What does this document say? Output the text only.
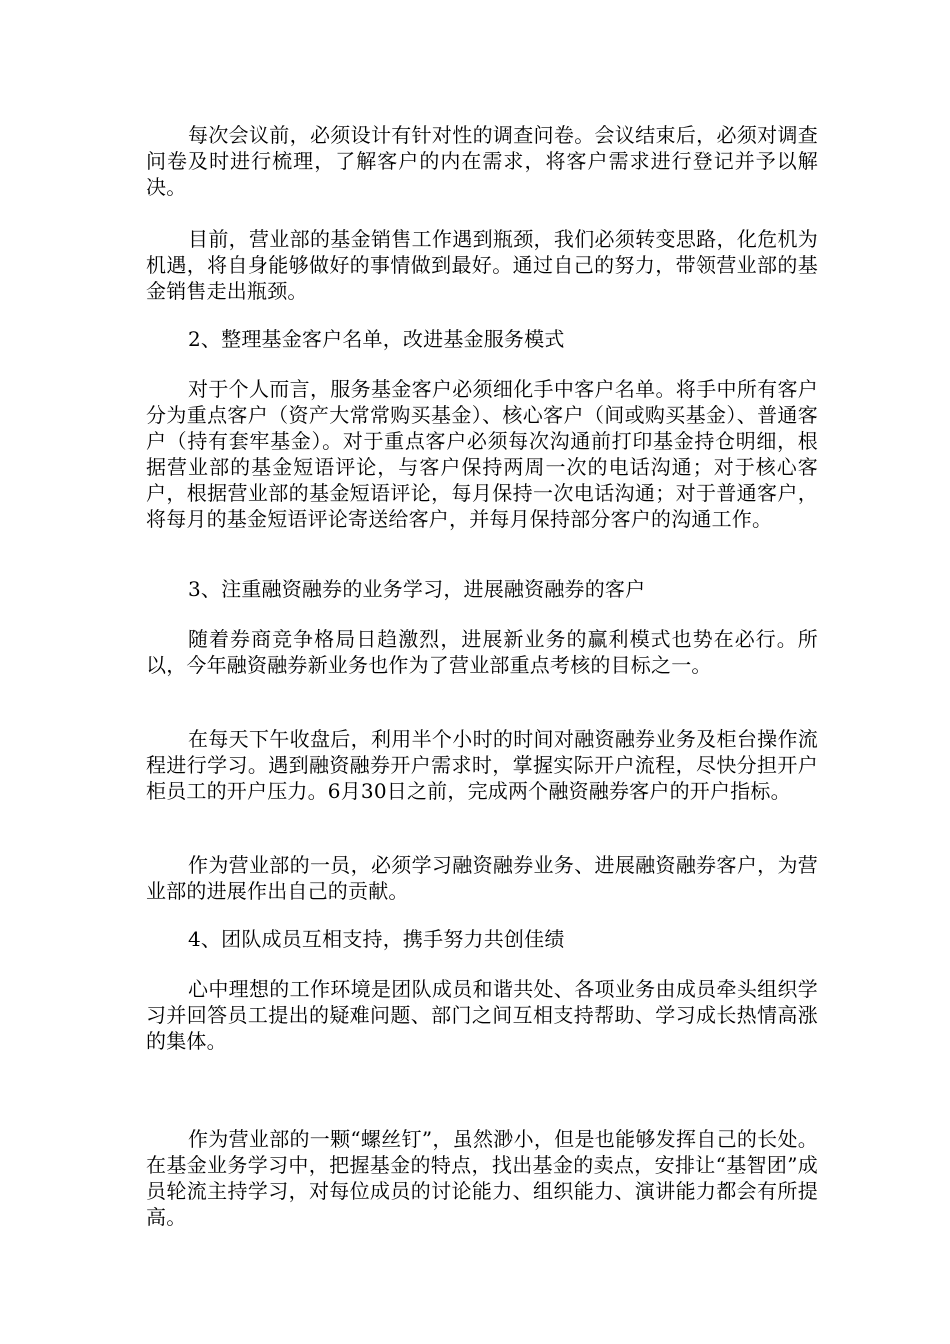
每次会议前，必须设计有针对性的调查问卷。会议结束后，必须对调查问卷及时进行梳理，了解客户的内在需求，将客户需求进行登记并予以解决。

目前，营业部的基金销售工作遇到瓶颈，我们必须转变思路，化危机为机遇，将自身能够做好的事情做到最好。通过自己的努力，带领营业部的基金销售走出瓶颈。

2、整理基金客户名单，改进基金服务模式

对于个人而言，服务基金客户必须细化手中客户名单。将手中所有客户分为重点客户（资产大常常购买基金）、核心客户（间或购买基金）、普通客户（持有套牢基金）。对于重点客户必须每次沟通前打印基金持仓明细，根据营业部的基金短语评论，与客户保持两周一次的电话沟通；对于核心客户，根据营业部的基金短语评论，每月保持一次电话沟通；对于普通客户，将每月的基金短语评论寄送给客户，并每月保持部分客户的沟通工作。

3、注重融资融券的业务学习，进展融资融券的客户

随着券商竞争格局日趋激烈，进展新业务的赢利模式也势在必行。所以，今年融资融券新业务也作为了营业部重点考核的目标之一。

在每天下午收盘后，利用半个小时的时间对融资融券业务及柜台操作流程进行学习。遇到融资融券开户需求时，掌握实际开户流程，尽快分担开户柜员工的开户压力。6月30日之前，完成两个融资融券客户的开户指标。

作为营业部的一员，必须学习融资融券业务、进展融资融券客户，为营业部的进展作出自己的贡献。

4、团队成员互相支持，携手努力共创佳绩

心中理想的工作环境是团队成员和谐共处、各项业务由成员牵头组织学习并回答员工提出的疑难问题、部门之间互相支持帮助、学习成长热情高涨的集体。

作为营业部的一颗“螺丝钉”，虽然渺小，但是也能够发挥自己的长处。在基金业务学习中，把握基金的特点，找出基金的卖点，安排让“基智团”成员轮流主持学习，对每位成员的讨论能力、组织能力、演讲能力都会有所提高。
